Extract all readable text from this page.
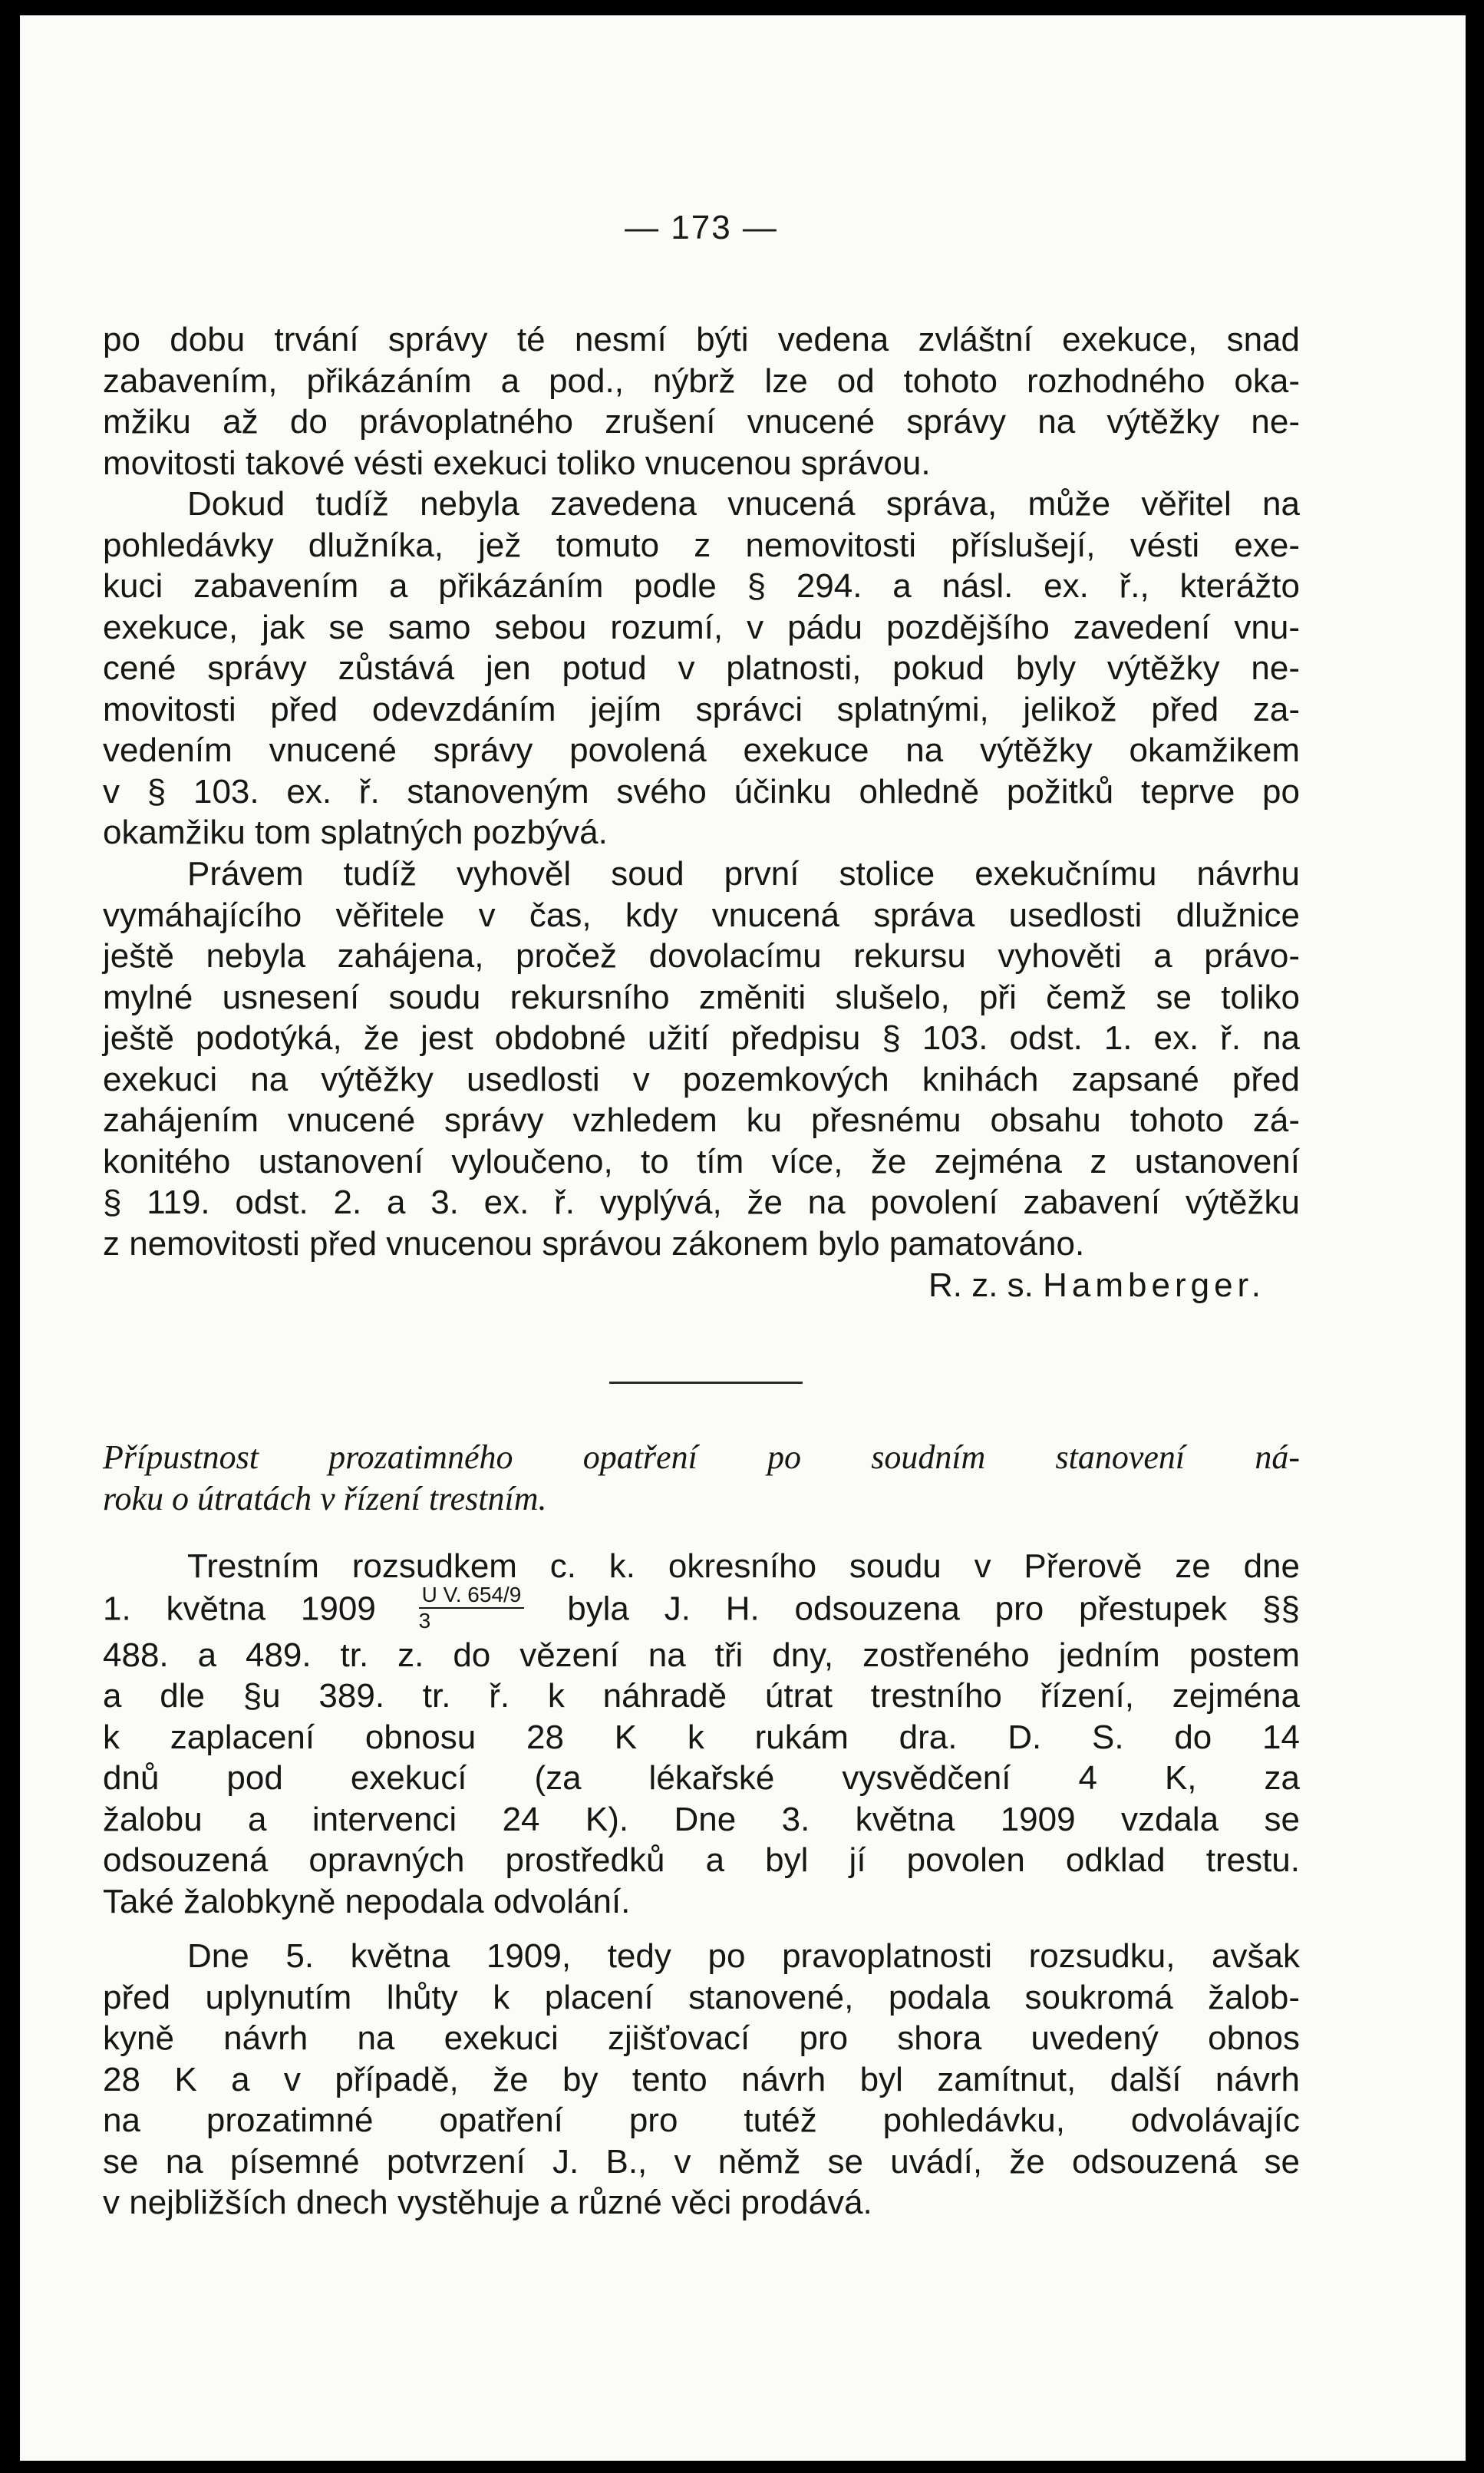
— 173 —
po dobu trvání správy té nesmí býti vedena zvláštní exekuce, snad
zabavením, přikázáním a pod., nýbrž lze od tohoto rozhodného oka-
mžiku až do právoplatného zrušení vnucené správy na výtěžky ne-
movitosti takové vésti exekuci toliko vnucenou správou.
Dokud tudíž nebyla zavedena vnucená správa, může věřitel na
pohledávky dlužníka, jež tomuto z nemovitosti příslušejí, vésti exe-
kuci zabavením a přikázáním podle § 294. a násl. ex. ř., kterážto
exekuce, jak se samo sebou rozumí, v pádu pozdějšího zavedení vnu-
cené správy zůstává jen potud v platnosti, pokud byly výtěžky ne-
movitosti před odevzdáním jejím správci splatnými, jelikož před za-
vedením vnucené správy povolená exekuce na výtěžky okamžikem
v § 103. ex. ř. stanoveným svého účinku ohledně požitků teprve po
okamžiku tom splatných pozbývá.
Právem tudíž vyhověl soud první stolice exekučnímu návrhu
vymáhajícího věřitele v čas, kdy vnucená správa usedlosti dlužnice
ještě nebyla zahájena, pročež dovolacímu rekursu vyhověti a právo-
mylné usnesení soudu rekursního změniti slušelo, při čemž se toliko
ještě podotýká, že jest obdobné užití předpisu § 103. odst. 1. ex. ř. na
exekuci na výtěžky usedlosti v pozemkových knihách zapsané před
zahájením vnucené správy vzhledem ku přesnému obsahu tohoto zá-
konitého ustanovení vyloučeno, to tím více, že zejména z ustanovení
§ 119. odst. 2. a 3. ex. ř. vyplývá, že na povolení zabavení výtěžku
z nemovitosti před vnucenou správou zákonem bylo pamatováno.
R. z. s. Hamberger.
Přípustnost prozatimného opatření po soudním stanovení ná-
roku o útratách v řízení trestním.
Trestním rozsudkem c. k. okresního soudu v Přerově ze dne
1. května $1909 \frac{\text{U V. 654/9}}{3}$ byla J. H. odsouzena pro přestupek §§
488. a 489. tr. z. do vězení na tři dny, zostřeného jedním postem
a dle §u 389. tr. ř. k náhradě útrat trestního řízení, zejména
k zaplacení obnosu 28 K k rukám dra. D. S. do 14
dnů pod exekucí (za lékařské vysvědčení 4 K, za
žalobu a intervenci 24 K). Dne 3. května 1909 vzdala se
odsouzená opravných prostředků a byl jí povolen odklad trestu.
Také žalobkyně nepodala odvolání.
Dne 5. května 1909, tedy po pravoplatnosti rozsudku, avšak
před uplynutím lhůty k placení stanovené, podala soukromá žalob-
kyně návrh na exekuci zjišťovací pro shora uvedený obnos
28 K a v případě, že by tento návrh byl zamítnut, další návrh
na prozatimné opatření pro tutéž pohledávku, odvolávajíc
se na písemné potvrzení J. B., v němž se uvádí, že odsouzená se
v nejbližších dnech vystěhuje a různé věci prodává.
